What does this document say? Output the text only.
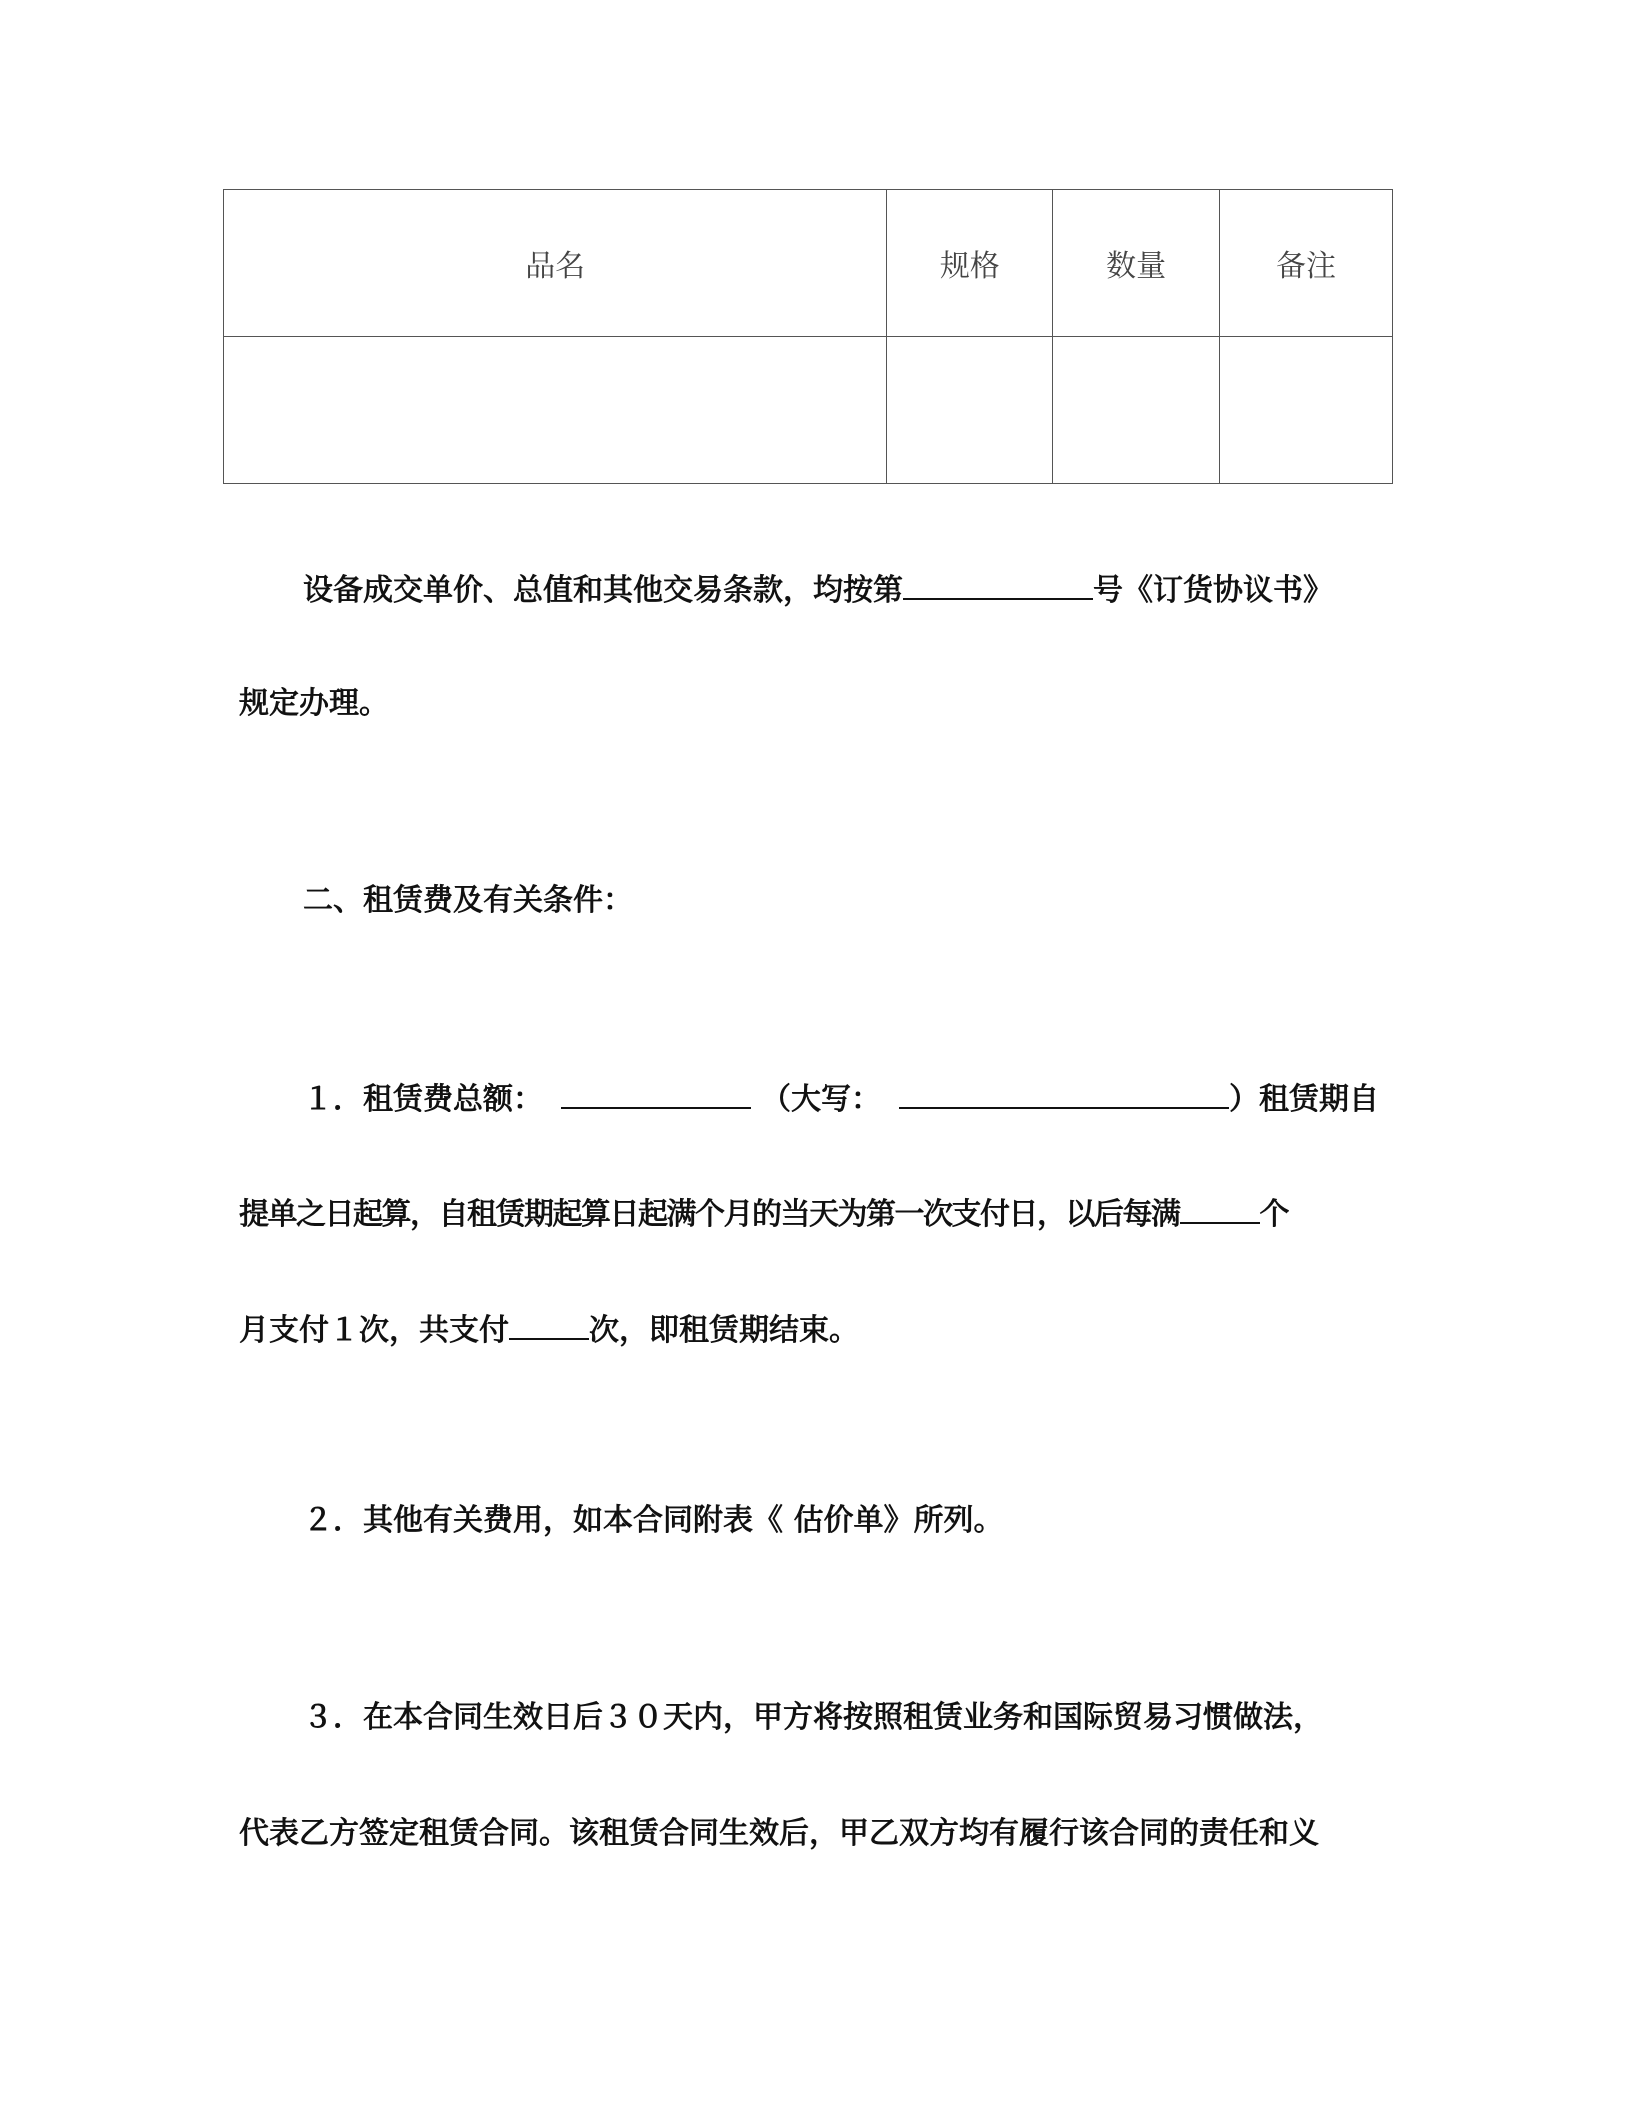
品名	规格	数量	备注

设备成交单价、总值和其他交易条款，均按第	号《订货协议书》
规定办理。
二、租赁费及有关条件：
１．租赁费总额：	（大写：	）租赁期自
提单之日起算，自租赁期起算日起满个月的当天为第一次支付日，以后每满	个
月支付１次，共支付	次，即租赁期结束。
２．其他有关费用，如本合同附表《 估价单》所列。
３．在本合同生效日后３０天内，甲方将按照租赁业务和国际贸易习惯做法，
代表乙方签定租赁合同。该租赁合同生效后，甲乙双方均有履行该合同的责任和义
